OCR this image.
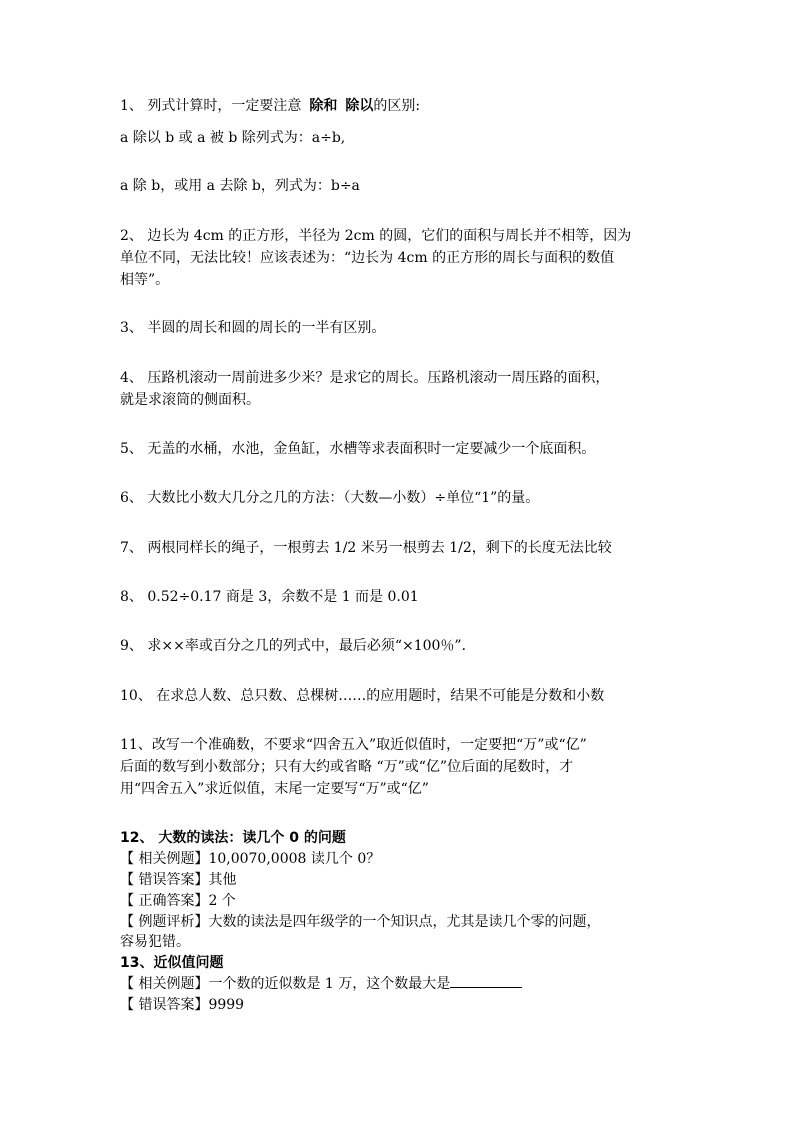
1、 列式计算时，一定要注意 除和 除以的区别:
a 除以 b 或 a 被 b 除列式为：a÷b,
a 除 b，或用 a 去除 b，列式为：b÷a
2、 边长为 4cm 的正方形，半径为 2cm 的圆，它们的面积与周长并不相等，因为
单位不同，无法比较！应该表述为：“边长为 4cm 的正方形的周长与面积的数值
相等”。
3、 半圆的周长和圆的周长的一半有区别。
4、 压路机滚动一周前进多少米？是求它的周长。压路机滚动一周压路的面积，
就是求滚筒的侧面积。
5、 无盖的水桶，水池，金鱼缸，水槽等求表面积时一定要减少一个底面积。
6、 大数比小数大几分之几的方法：（大数—小数）÷单位“1”的量。
7、 两根同样长的绳子，一根剪去 1/2 米另一根剪去 1/2，剩下的长度无法比较
8、 0.52÷0.17 商是 3，余数不是 1 而是 0.01
9、 求××率或百分之几的列式中，最后必须“×100％”．
10、 在求总人数、总只数、总棵树……的应用题时，结果不可能是分数和小数
11、改写一个准确数，不要求“四舍五入”取近似值时，一定要把“万”或“亿”
后面的数写到小数部分；只有大约或省略 “万”或“亿”位后面的尾数时，才
用“四舍五入”求近似值，末尾一定要写“万”或“亿”
12、 大数的读法：读几个 0 的问题
【 相关例题】10,0070,0008 读几个 0？
【 错误答案】其他
【 正确答案】2 个
【 例题评析】大数的读法是四年级学的一个知识点，尤其是读几个零的问题，
容易犯错。
13、近似值问题
【 相关例题】一个数的近似数是 1 万，这个数最大是
【 错误答案】9999
